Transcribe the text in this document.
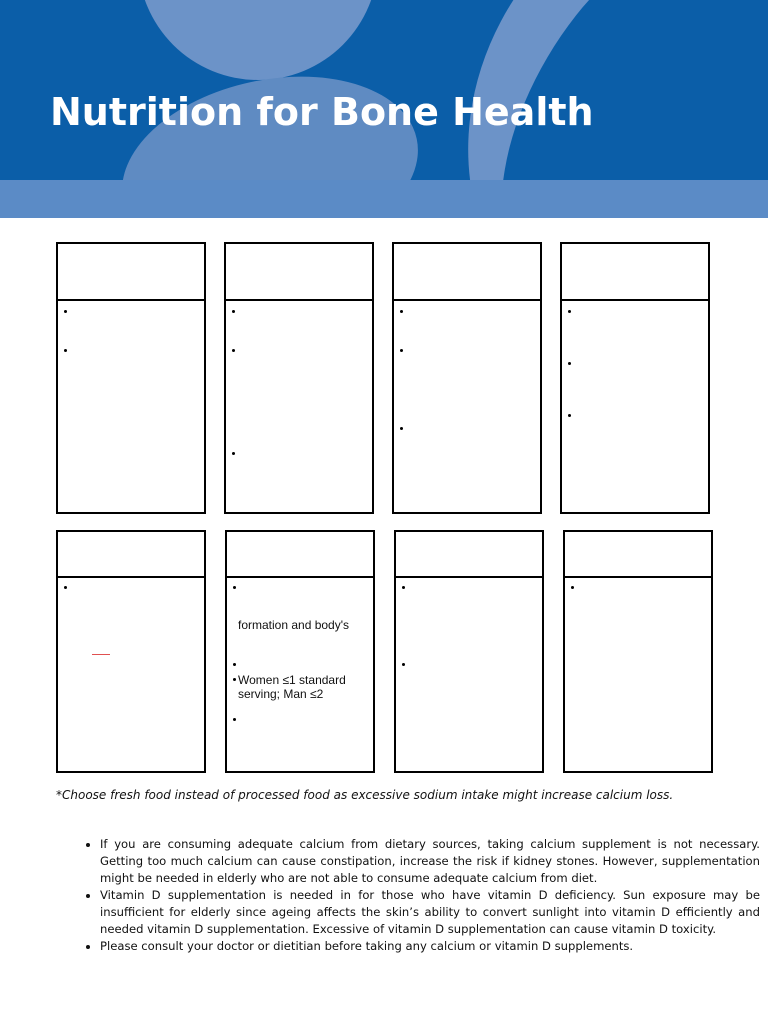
Nutrition for Bone Health
formation and body's
Women ≤1 standard serving; Man ≤2

*Choose fresh food instead of processed food as excessive sodium intake might increase calcium loss.

• If you are consuming adequate calcium from dietary sources, taking calcium supplement is not necessary. Getting too much calcium can cause constipation, increase the risk if kidney stones. However, supplementation might be needed in elderly who are not able to consume adequate calcium from diet.
• Vitamin D supplementation is needed in for those who have vitamin D deficiency. Sun exposure may be insufficient for elderly since ageing affects the skin’s ability to convert sunlight into vitamin D efficiently and needed vitamin D supplementation. Excessive of vitamin D supplementation can cause vitamin D toxicity.
• Please consult your doctor or dietitian before taking any calcium or vitamin D supplements.
